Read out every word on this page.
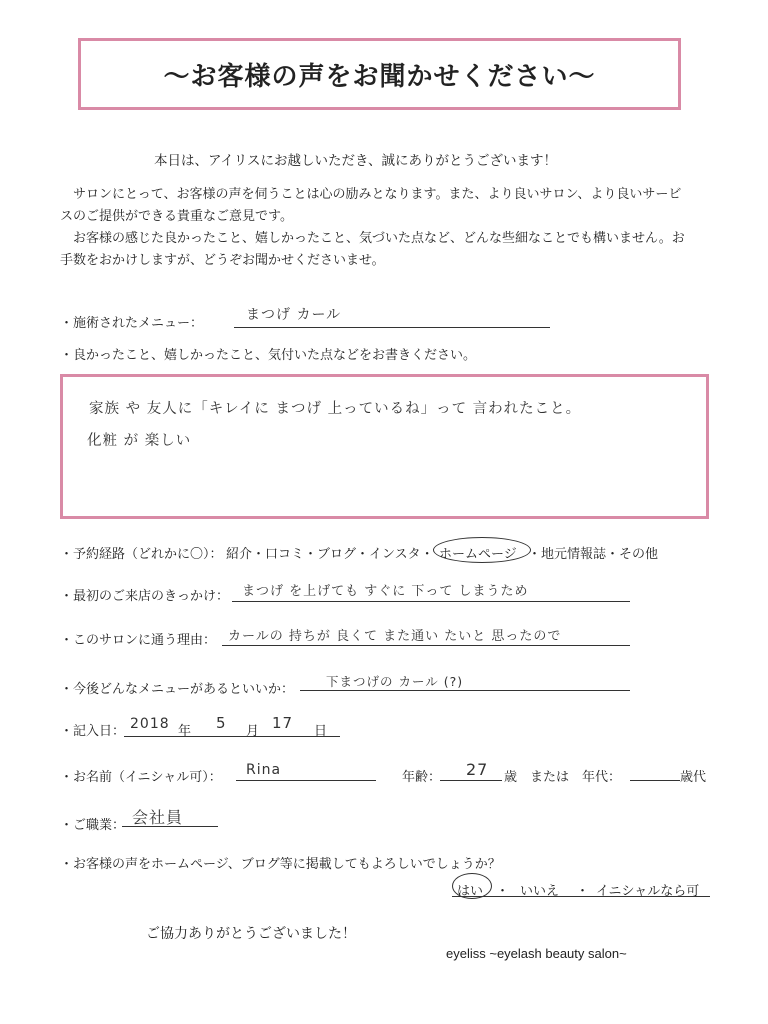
〜お客様の声をお聞かせください〜
本日は、アイリスにお越しいただき、誠にありがとうございます！
　サロンにとって、お客様の声を伺うことは心の励みとなります。また、より良いサロン、より良いサービ
スのご提供ができる貴重なご意見です。
　お客様の感じた良かったこと、嬉しかったこと、気づいた点など、どんな些細なことでも構いません。お
手数をおかけしますが、どうぞお聞かせくださいませ。
・施術されたメニュー：
まつげ カール
・良かったこと、嬉しかったこと、気付いた点などをお書きください。
家族 や 友人に「キレイに まつげ 上っているね」って 言われたこと。
化粧 が 楽しい
・予約経路（どれかに〇）： 紹介・口コミ・ブログ・インスタ・ ホームページ ・地元情報誌・その他
・最初のご来店のきっかけ： まつげ を上げても すぐに 下って しまうため
・このサロンに通う理由： カールの 持ちが 良くて また通い たいと 思ったので
・今後どんなメニューがあるといいか：
下まつげの カール (?)
・記入日： 2018 年 5 月 17 日
・お名前（イニシャル可）： Rina	年齢： 27 歳 または 年代：	歳代
・ご職業： 会社員
・お客様の声をホームページ、ブログ等に掲載してもよろしいでしょうか？
はい ・ いいえ ・ イニシャルなら可
ご協力ありがとうございました！
eyeliss ~eyelash beauty salon~
